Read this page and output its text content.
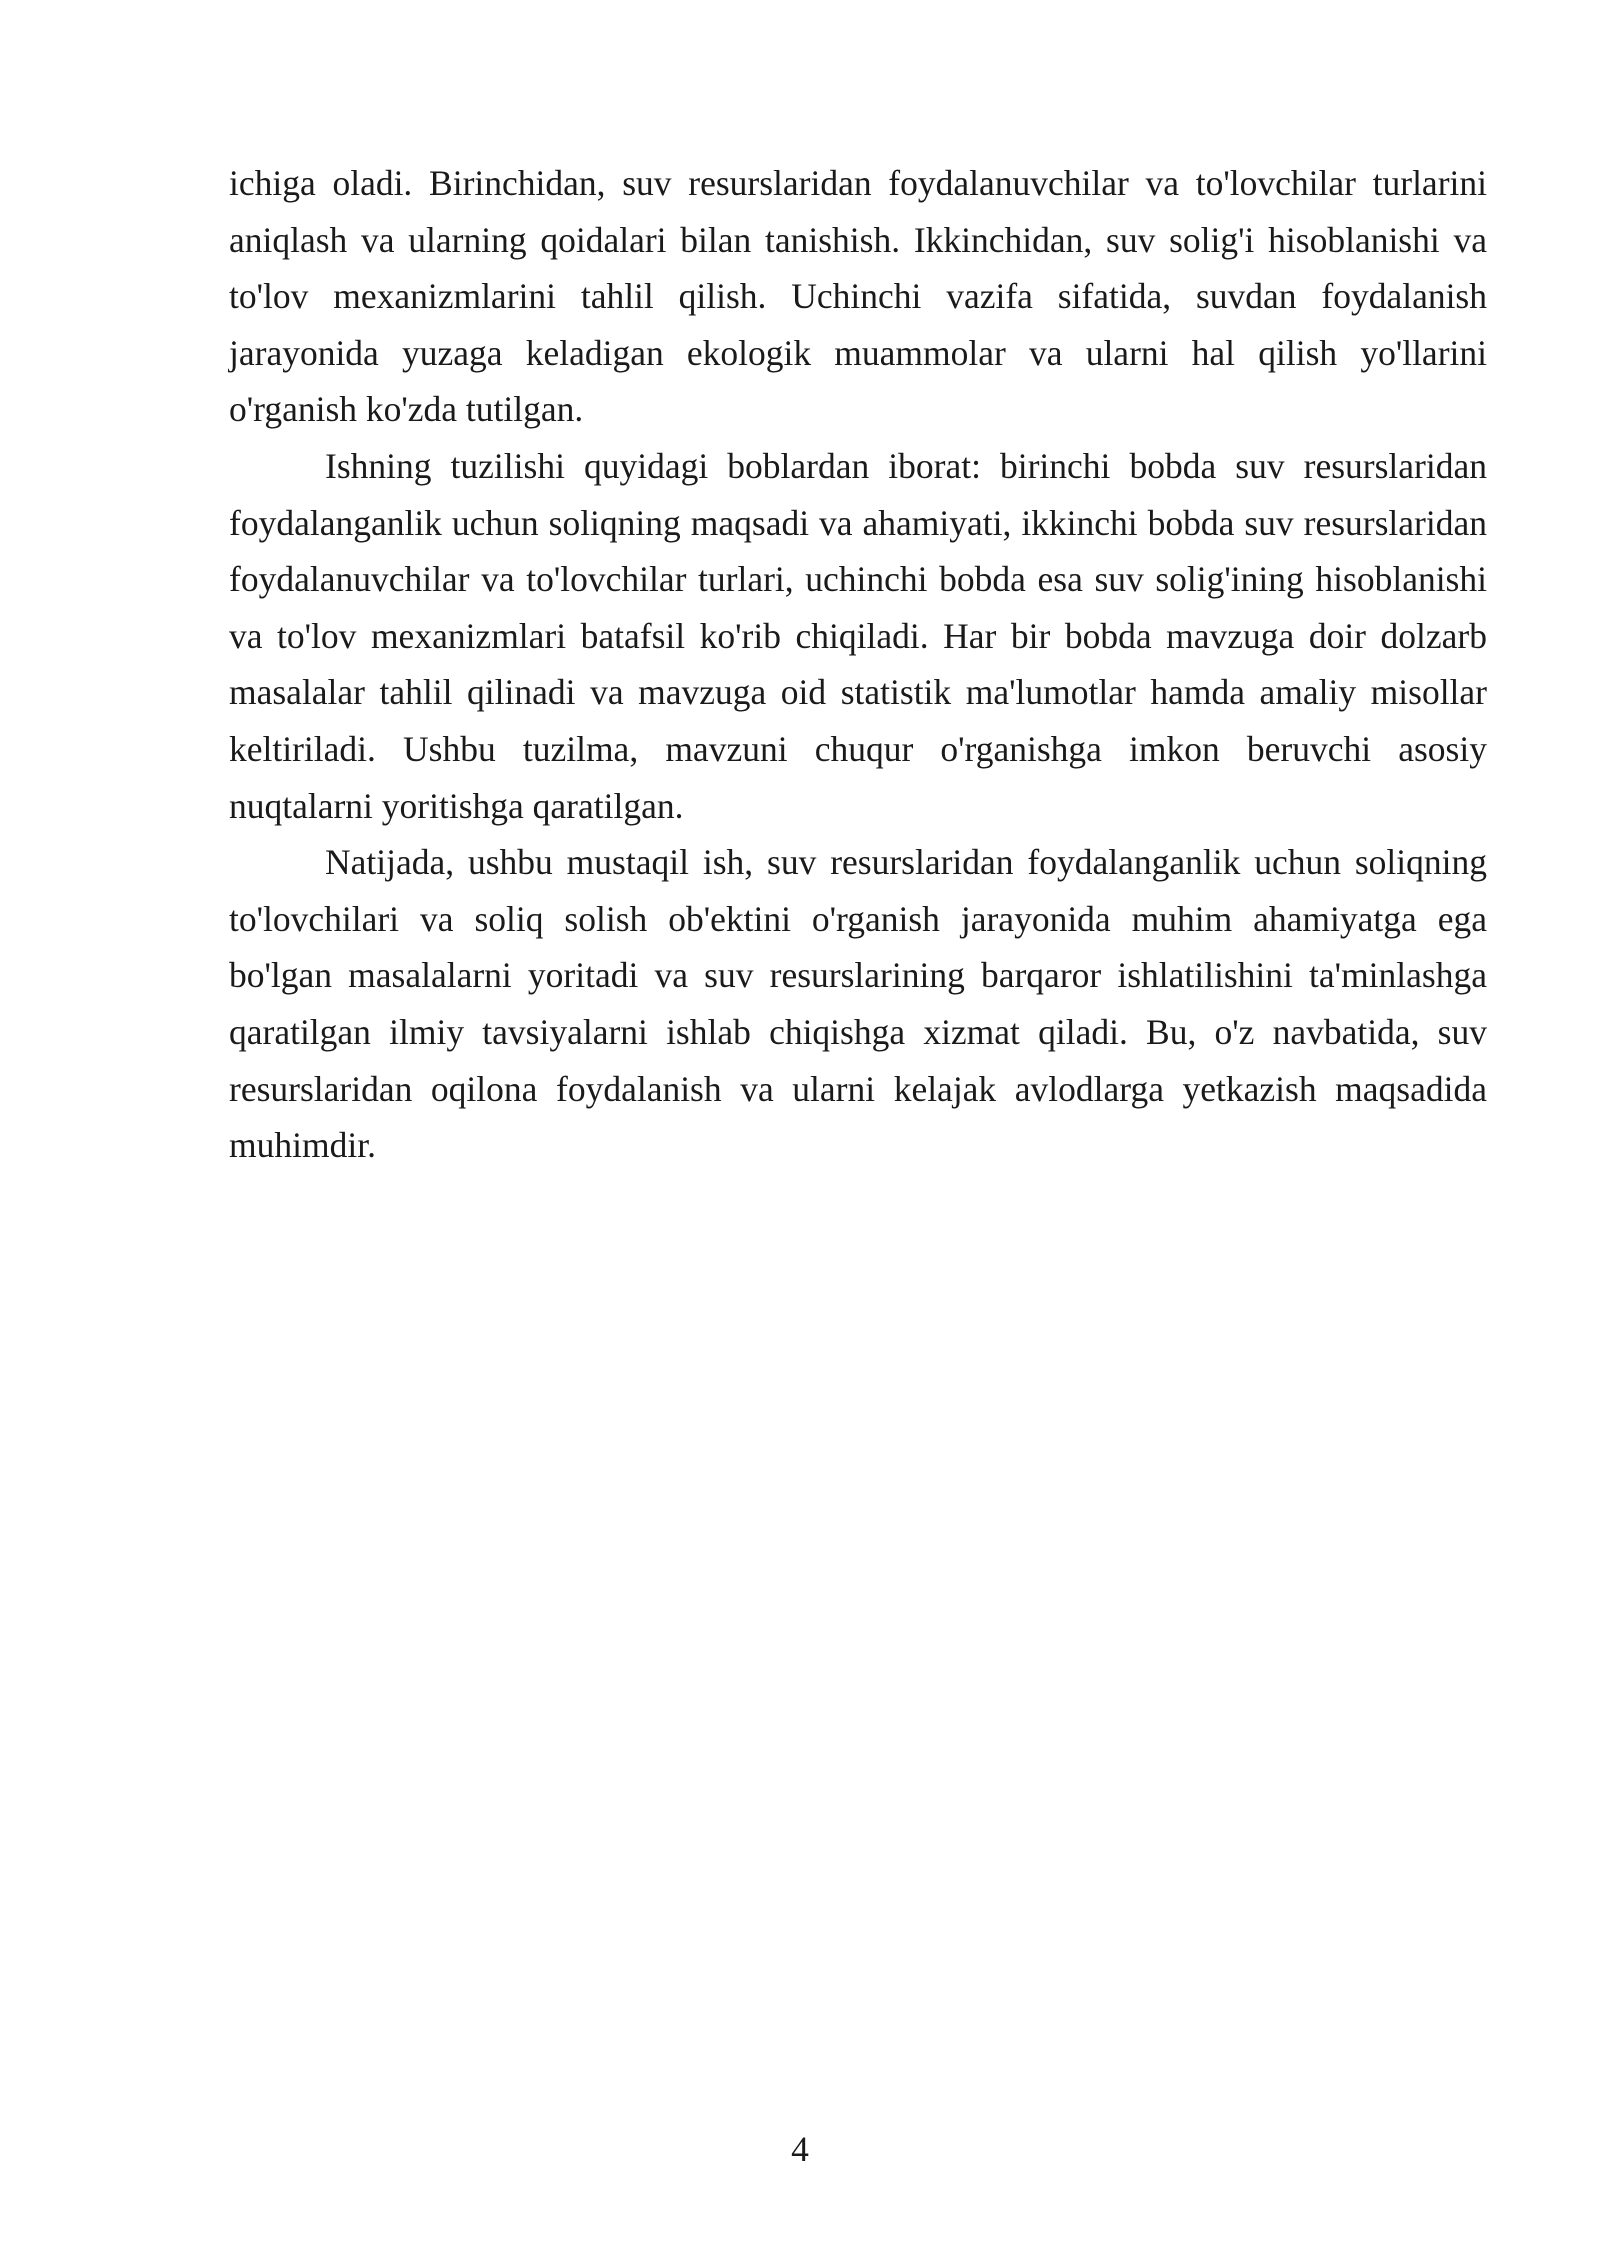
ichiga oladi. Birinchidan, suv resurslaridan foydalanuvchilar va to'lovchilar turlarini aniqlash va ularning qoidalari bilan tanishish. Ikkinchidan, suv solig'i hisoblanishi va to'lov mexanizmlarini tahlil qilish. Uchinchi vazifa sifatida, suvdan foydalanish jarayonida yuzaga keladigan ekologik muammolar va ularni hal qilish yo'llarini o'rganish ko'zda tutilgan.

Ishning tuzilishi quyidagi boblardan iborat: birinchi bobda suv resurslaridan foydalanganlik uchun soliqning maqsadi va ahamiyati, ikkinchi bobda suv resurslaridan foydalanuvchilar va to'lovchilar turlari, uchinchi bobda esa suv solig'ining hisoblanishi va to'lov mexanizmlari batafsil ko'rib chiqiladi. Har bir bobda mavzuga doir dolzarb masalalar tahlil qilinadi va mavzuga oid statistik ma'lumotlar hamda amaliy misollar keltiriladi. Ushbu tuzilma, mavzuni chuqur o'rganishga imkon beruvchi asosiy nuqtalarni yoritishga qaratilgan.

Natijada, ushbu mustaqil ish, suv resurslaridan foydalanganlik uchun soliqning to'lovchilari va soliq solish ob'ektini o'rganish jarayonida muhim ahamiyatga ega bo'lgan masalalarni yoritadi va suv resurslarining barqaror ishlatilishini ta'minlashga qaratilgan ilmiy tavsiyalarni ishlab chiqishga xizmat qiladi. Bu, o'z navbatida, suv resurslaridan oqilona foydalanish va ularni kelajak avlodlarga yetkazish maqsadida muhimdir.

4
